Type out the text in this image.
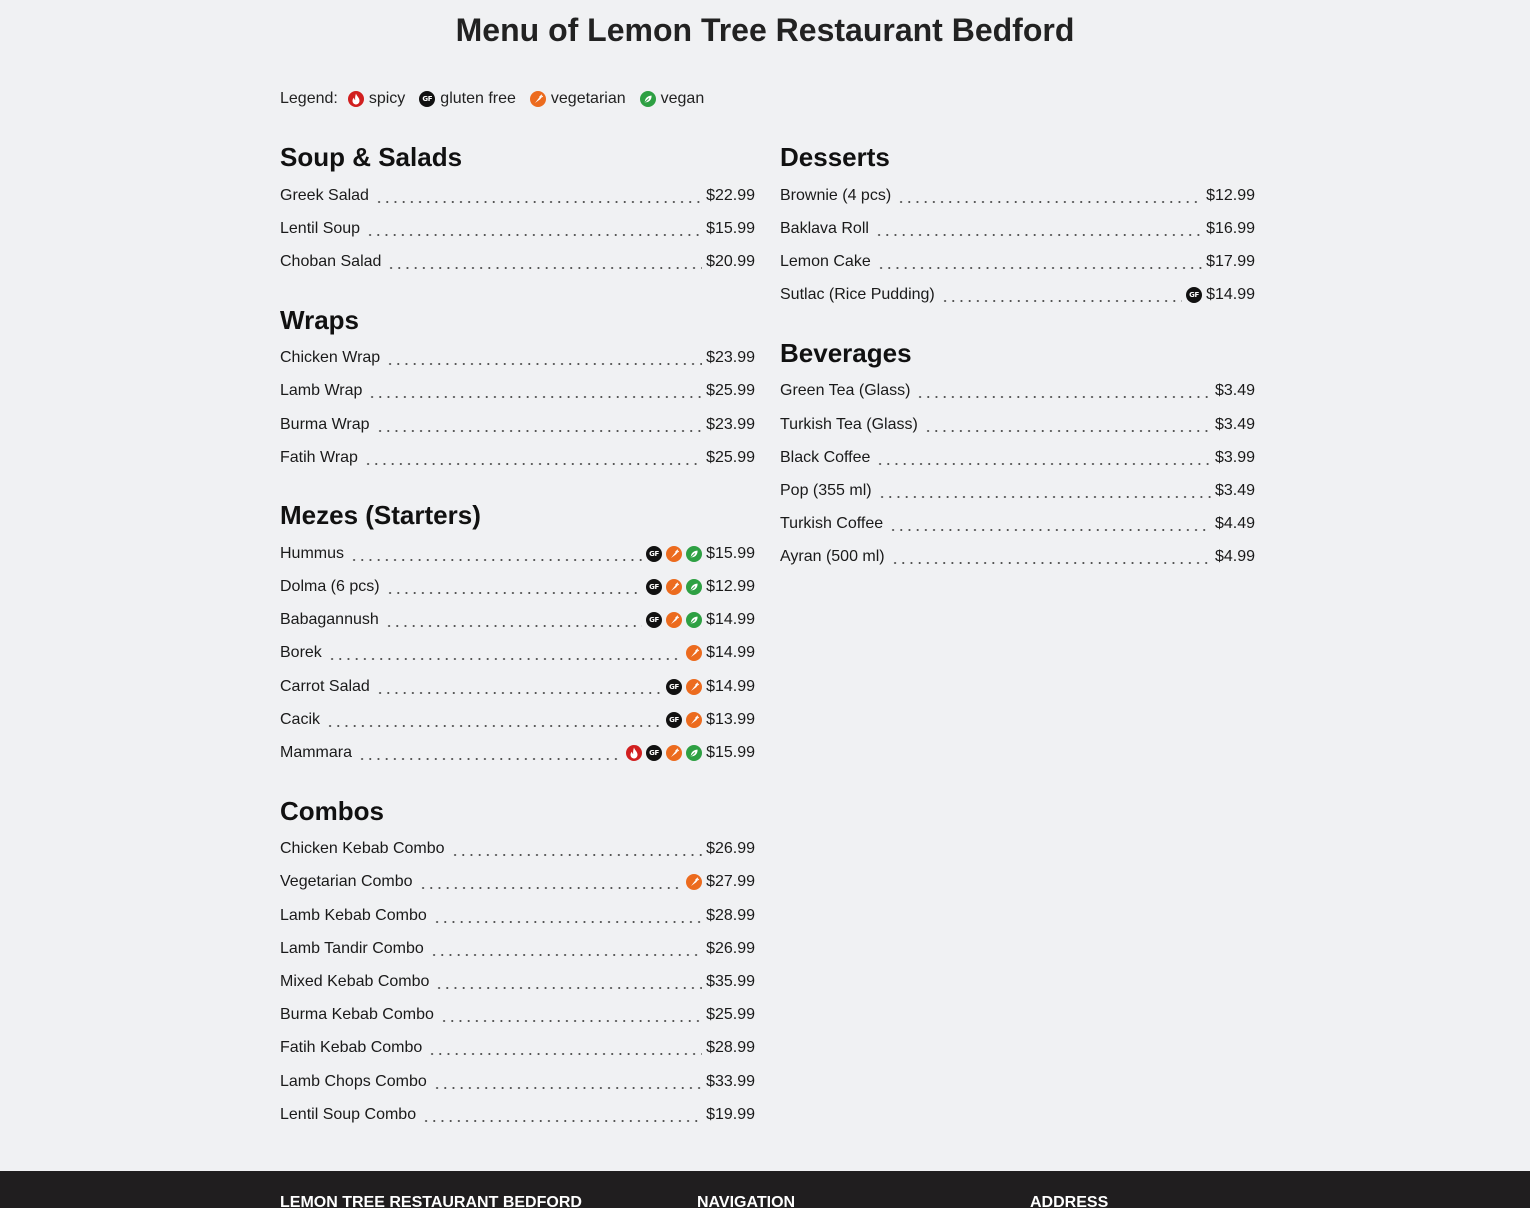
Menu of Lemon Tree Restaurant Bedford
Legend: spicy	GF gluten free vegetarian vegan
Soup & Salads
Greek Salad	$22.99
Lentil Soup	$15.99
Choban Salad	$20.99
Wraps
Chicken Wrap	$23.99
Lamb Wrap	$25.99
Burma Wrap	$23.99
Fatih Wrap	$25.99
Mezes (Starters)
Hummus	GF	$15.99
Dolma (6 pcs)	GF	$12.99
Babagannush	GF	$14.99
Borek	$14.99
Carrot Salad	GF $14.99
Cacik	GF $13.99
Mammara	GF	$15.99
Combos
Chicken Kebab Combo	$26.99
Vegetarian Combo	$27.99
Lamb Kebab Combo	$28.99
Lamb Tandir Combo	$26.99
Mixed Kebab Combo	$35.99
Burma Kebab Combo	$25.99
Fatih Kebab Combo	$28.99
Lamb Chops Combo	$33.99
Lentil Soup Combo	$19.99
Desserts
Brownie (4 pcs)	$12.99
Baklava Roll	$16.99
Lemon Cake	$17.99
Sutlac (Rice Pudding)	GF $14.99
Beverages
Green Tea (Glass)	$3.49
Turkish Tea (Glass)	$3.49
Black Coffee	$3.99
Pop (355 ml)	$3.49
Turkish Coffee	$4.49
Ayran (500 ml)	$4.99
LEMON TREE RESTAURANT BEDFORD	NAVIGATION	ADDRESS
